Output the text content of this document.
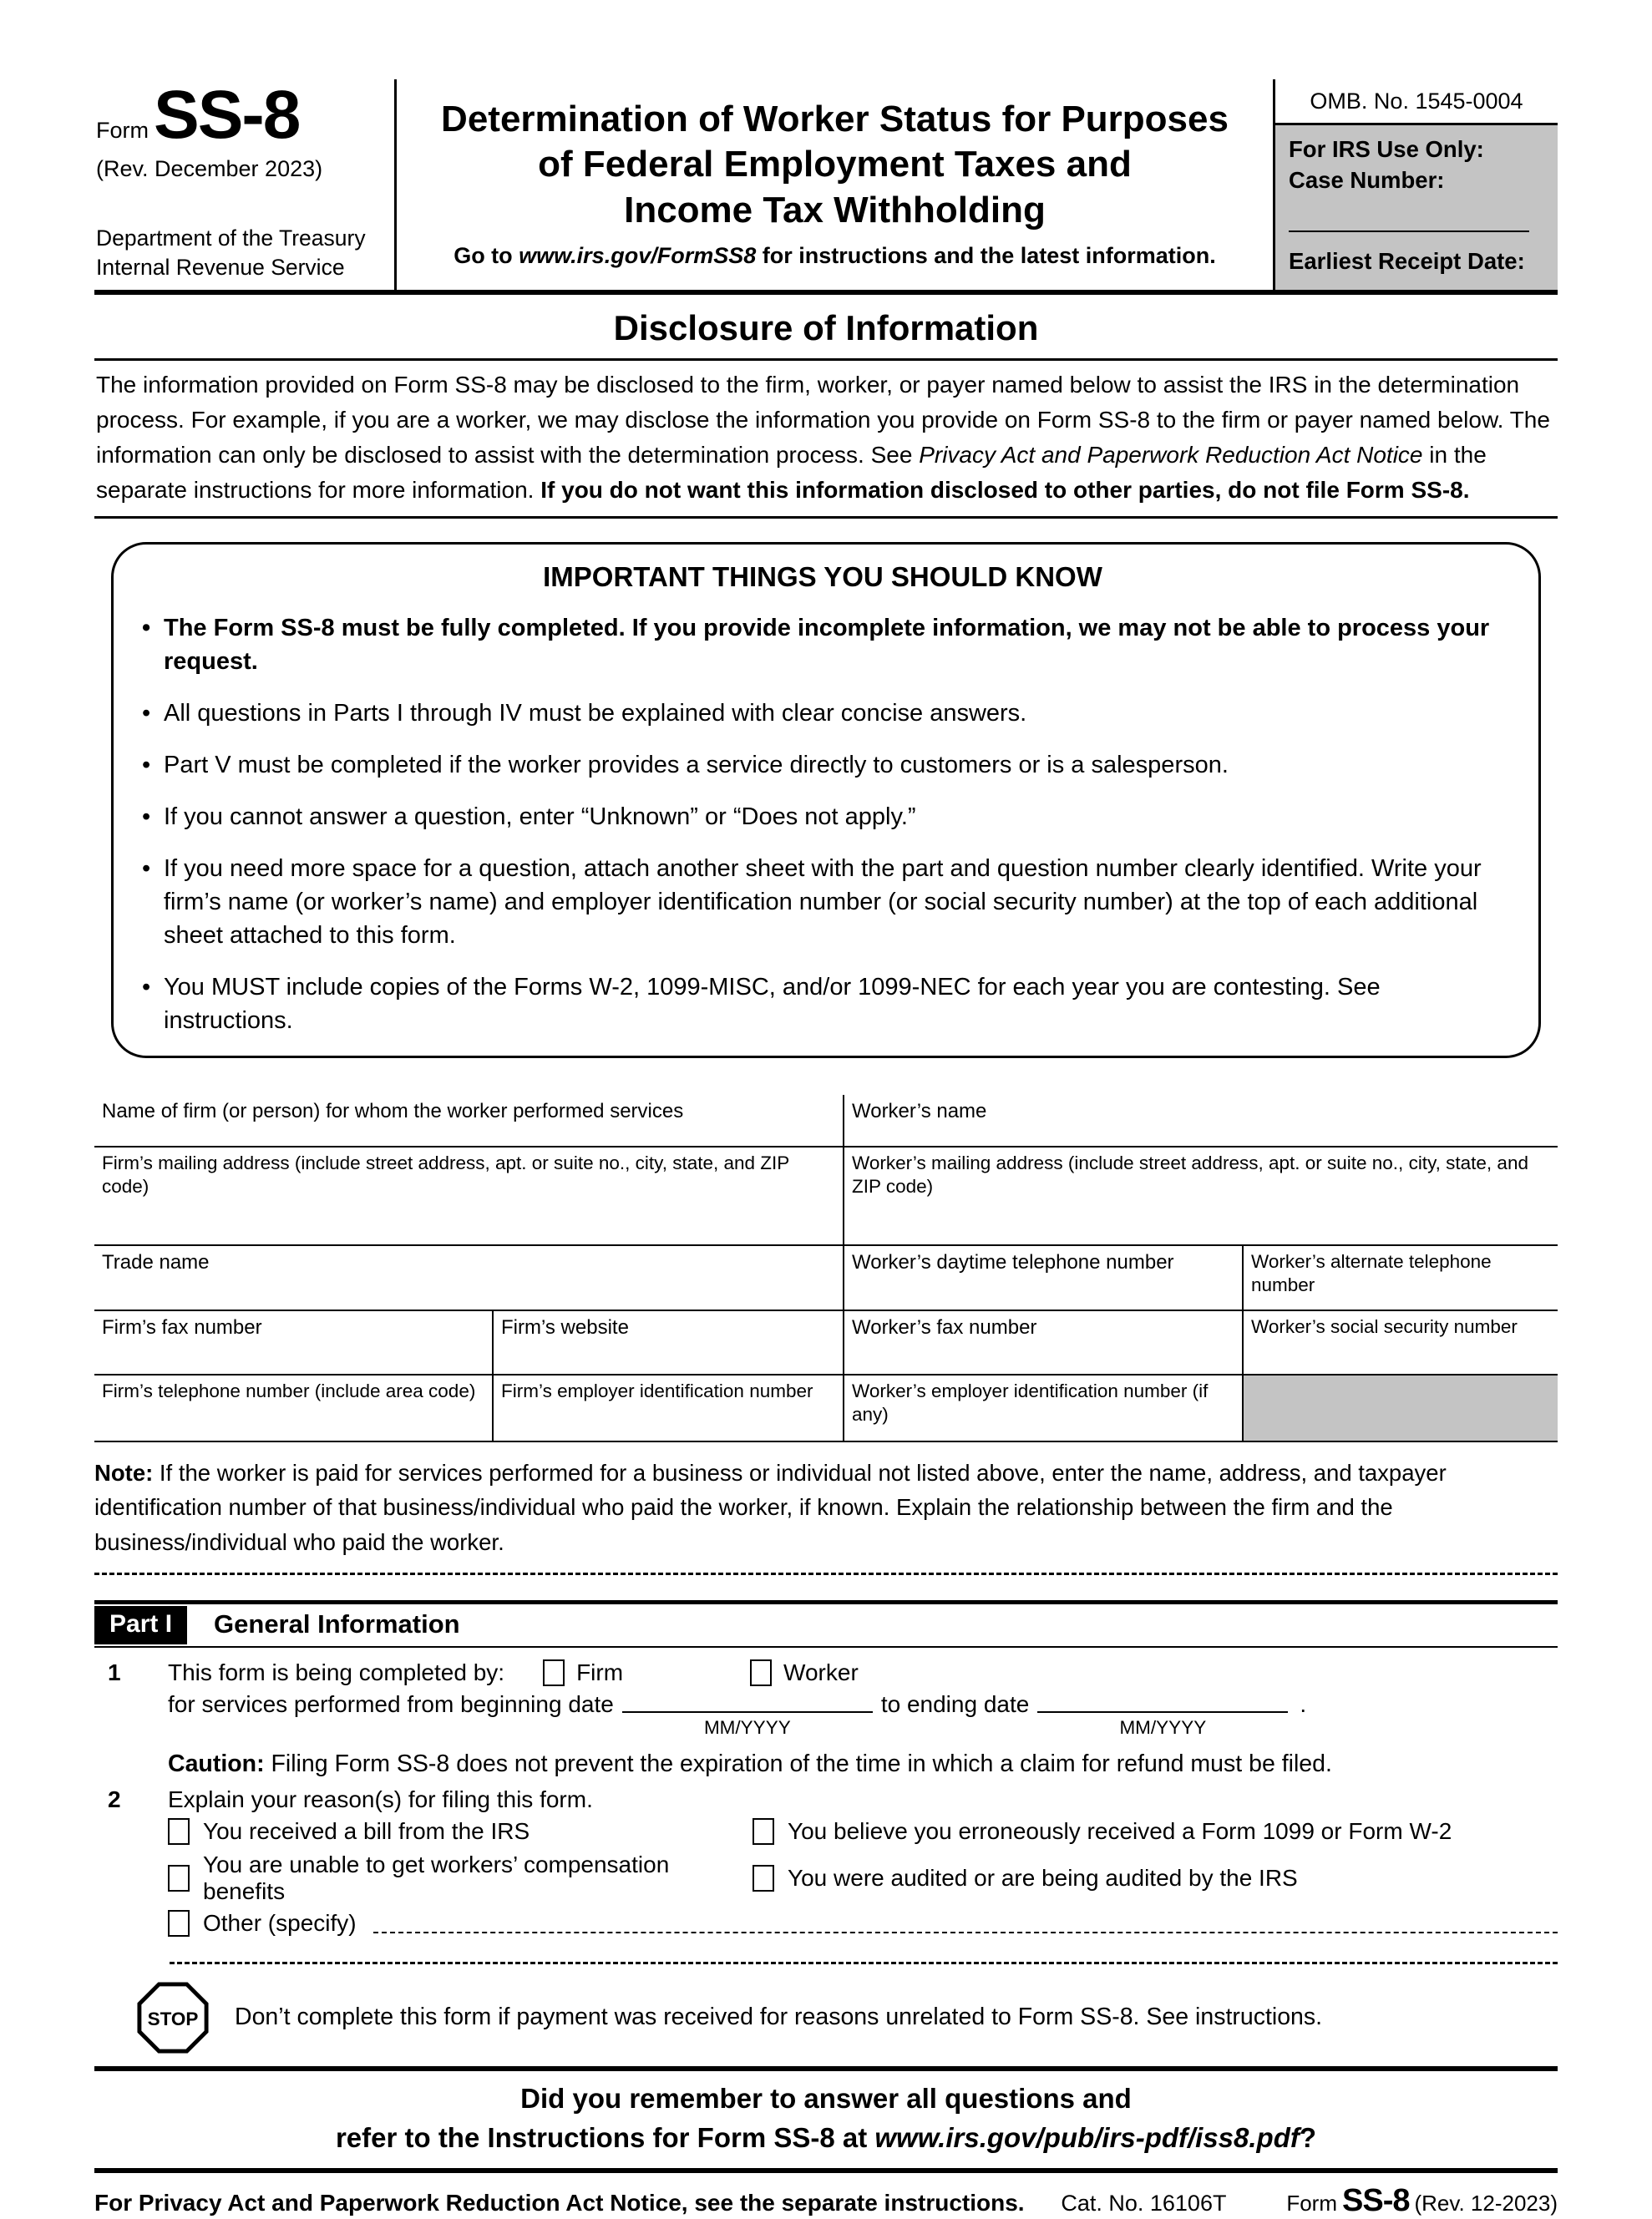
Form SS-8
(Rev. December 2023)
Department of the Treasury
Internal Revenue Service
Determination of Worker Status for Purposes
of Federal Employment Taxes and
Income Tax Withholding
Go to www.irs.gov/FormSS8 for instructions and the latest information.
OMB. No. 1545-0004
For IRS Use Only:
Case Number:
Earliest Receipt Date:
Disclosure of Information

The information provided on Form SS-8 may be disclosed to the firm, worker, or payer named below to assist the IRS in the determination process. For example, if you are a worker, we may disclose the information you provide on Form SS-8 to the firm or payer named below. The information can only be disclosed to assist with the determination process. See Privacy Act and Paperwork Reduction Act Notice in the separate instructions for more information. If you do not want this information disclosed to other parties, do not file Form SS-8.

IMPORTANT THINGS YOU SHOULD KNOW
• The Form SS-8 must be fully completed. If you provide incomplete information, we may not be able to process your request.
• All questions in Parts I through IV must be explained with clear concise answers.
• Part V must be completed if the worker provides a service directly to customers or is a salesperson.
• If you cannot answer a question, enter “Unknown” or “Does not apply.”
• If you need more space for a question, attach another sheet with the part and question number clearly identified. Write your firm’s name (or worker’s name) and employer identification number (or social security number) at the top of each additional sheet attached to this form.
• You MUST include copies of the Forms W-2, 1099-MISC, and/or 1099-NEC for each year you are contesting. See instructions.
Name of firm (or person) for whom the worker performed services		Worker’s name	
Firm’s mailing address (include street address, apt. or suite no., city, state, and ZIP code)		Worker’s mailing address (include street address, apt. or suite no., city, state, and ZIP code)	
Trade name		Worker’s daytime telephone number	Worker’s alternate telephone number
Firm’s fax number	Firm’s website	Worker’s fax number	Worker’s social security number
Firm’s telephone number (include area code)	Firm’s employer identification number	Worker’s employer identification number (if any)	

Note: If the worker is paid for services performed for a business or individual not listed above, enter the name, address, and taxpayer identification number of that business/individual who paid the worker, if known. Explain the relationship between the firm and the business/individual who paid the worker.

Part I	General Information
1	This form is being completed by:	Firm	Worker
for services performed from beginning date
MM/YYYY
to ending date
MM/YYYY
.
Caution: Filing Form SS-8 does not prevent the expiration of the time in which a claim for refund must be filed.
2	Explain your reason(s) for filing this form.
You received a bill from the IRS	You believe you erroneously received a Form 1099 or Form W-2
You are unable to get workers’ compensation benefits
You were audited or are being audited by the IRS
Other (specify)
STOP Don’t complete this form if payment was received for reasons unrelated to Form SS-8. See instructions.
Did you remember to answer all questions and
refer to the Instructions for Form SS-8 at www.irs.gov/pub/irs-pdf/iss8.pdf?
For Privacy Act and Paperwork Reduction Act Notice, see the separate instructions.	Cat. No. 16106T	Form SS-8 (Rev. 12-2023)
